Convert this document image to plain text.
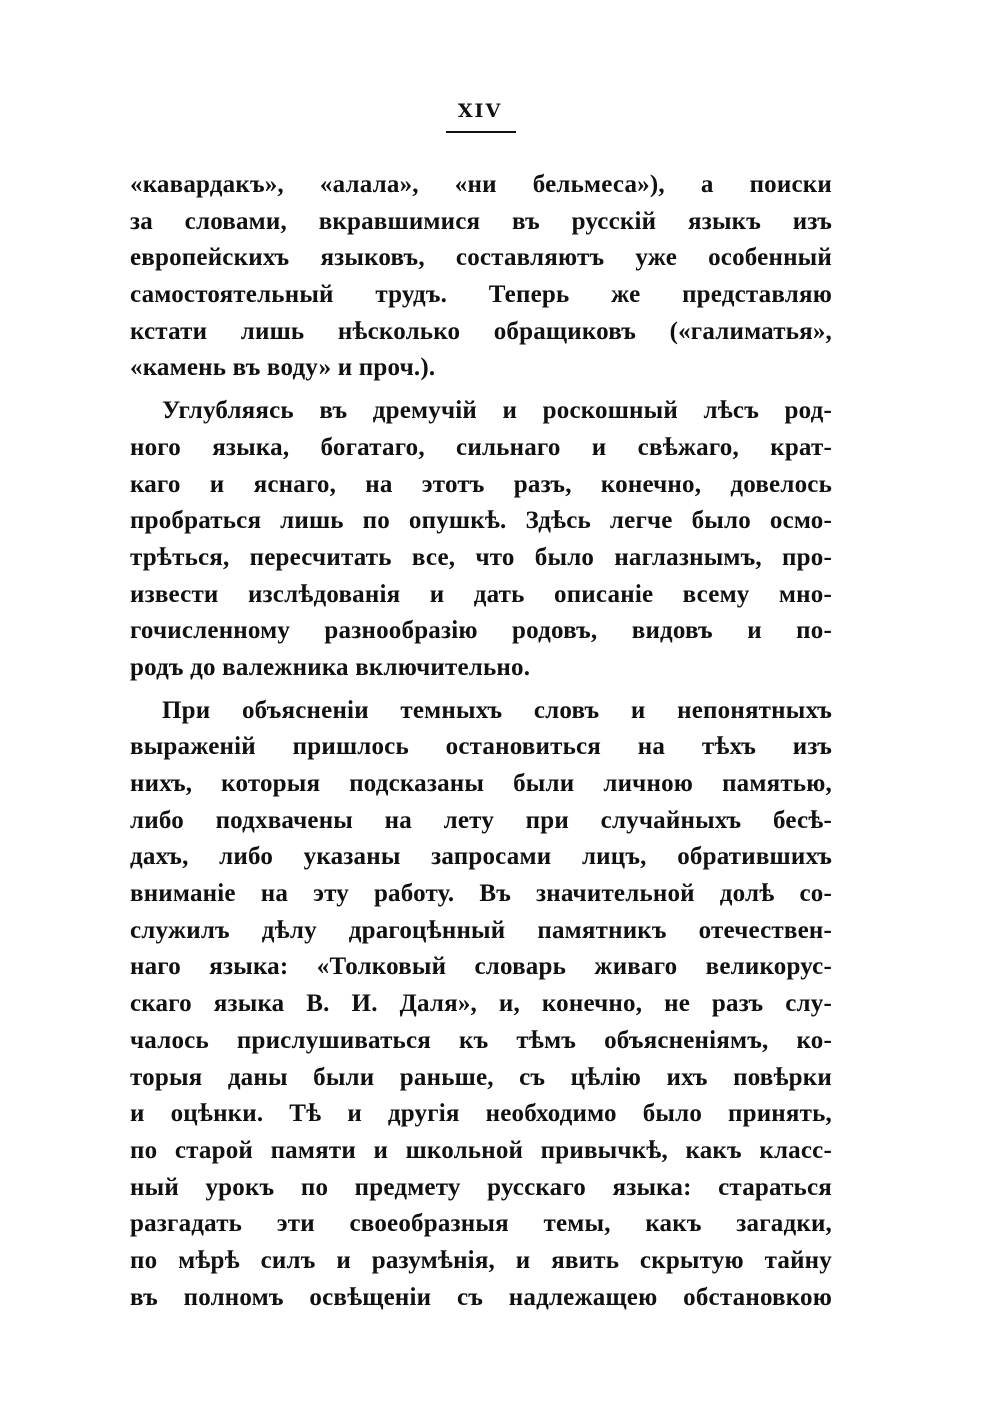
XIV
«кавардакъ», «алала», «ни бельмеса»), а поиски
за словами, вкравшимися въ русскій языкъ изъ
европейскихъ языковъ, составляютъ уже особенный
самостоятельный трудъ. Теперь же представляю
кстати лишь нѣсколько обращиковъ («галиматья»,
«камень въ воду» и проч.).
Углубляясь въ дремучій и роскошный лѣсъ род-
ного языка, богатаго, сильнаго и свѣжаго, крат-
каго и яснаго, на этотъ разъ, конечно, довелось
пробраться лишь по опушкѣ. Здѣсь легче было осмо-
трѣться, пересчитать все, что было наглазнымъ, про-
извести изслѣдованія и дать описаніе всему мно-
гочисленному разнообразію родовъ, видовъ и по-
родъ до валежника включительно.
При объясненіи темныхъ словъ и непонятныхъ
выраженій пришлось остановиться на тѣхъ изъ
нихъ, которыя подсказаны были личною памятью,
либо подхвачены на лету при случайныхъ бесѣ-
дахъ, либо указаны запросами лицъ, обратившихъ
вниманіе на эту работу. Въ значительной долѣ со-
служилъ дѣлу драгоцѣнный памятникъ отечествен-
наго языка: «Толковый словарь живаго великорус-
скаго языка В. И. Даля», и, конечно, не разъ слу-
чалось прислушиваться къ тѣмъ объясненіямъ, ко-
торыя даны были раньше, съ цѣлію ихъ повѣрки
и оцѣнки. Тѣ и другія необходимо было принять,
по старой памяти и школьной привычкѣ, какъ класс-
ный урокъ по предмету русскаго языка: стараться
разгадать эти своеобразныя темы, какъ загадки,
по мѣрѣ силъ и разумѣнія, и явить скрытую тайну
въ полномъ освѣщеніи съ надлежащею обстановкою
